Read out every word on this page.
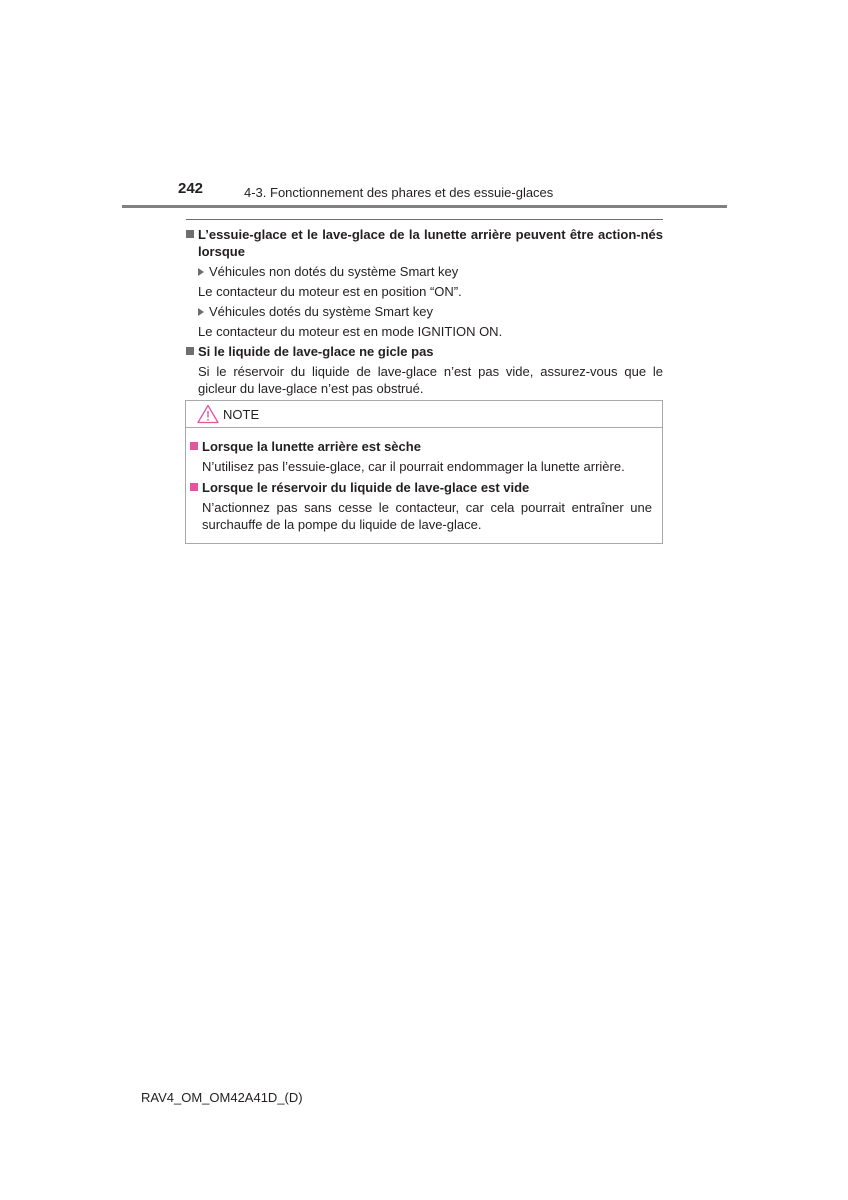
242	4-3. Fonctionnement des phares et des essuie-glaces
L’essuie-glace et le lave-glace de la lunette arrière peuvent être action-nés lorsque
Véhicules non dotés du système Smart key
Le contacteur du moteur est en position “ON”.
Véhicules dotés du système Smart key
Le contacteur du moteur est en mode IGNITION ON.
Si le liquide de lave-glace ne gicle pas
Si le réservoir du liquide de lave-glace n’est pas vide, assurez-vous que le gicleur du lave-glace n’est pas obstrué.
NOTE
Lorsque la lunette arrière est sèche
N’utilisez pas l’essuie-glace, car il pourrait endommager la lunette arrière.
Lorsque le réservoir du liquide de lave-glace est vide
N’actionnez pas sans cesse le contacteur, car cela pourrait entraîner une surchauffe de la pompe du liquide de lave-glace.
RAV4_OM_OM42A41D_(D)
